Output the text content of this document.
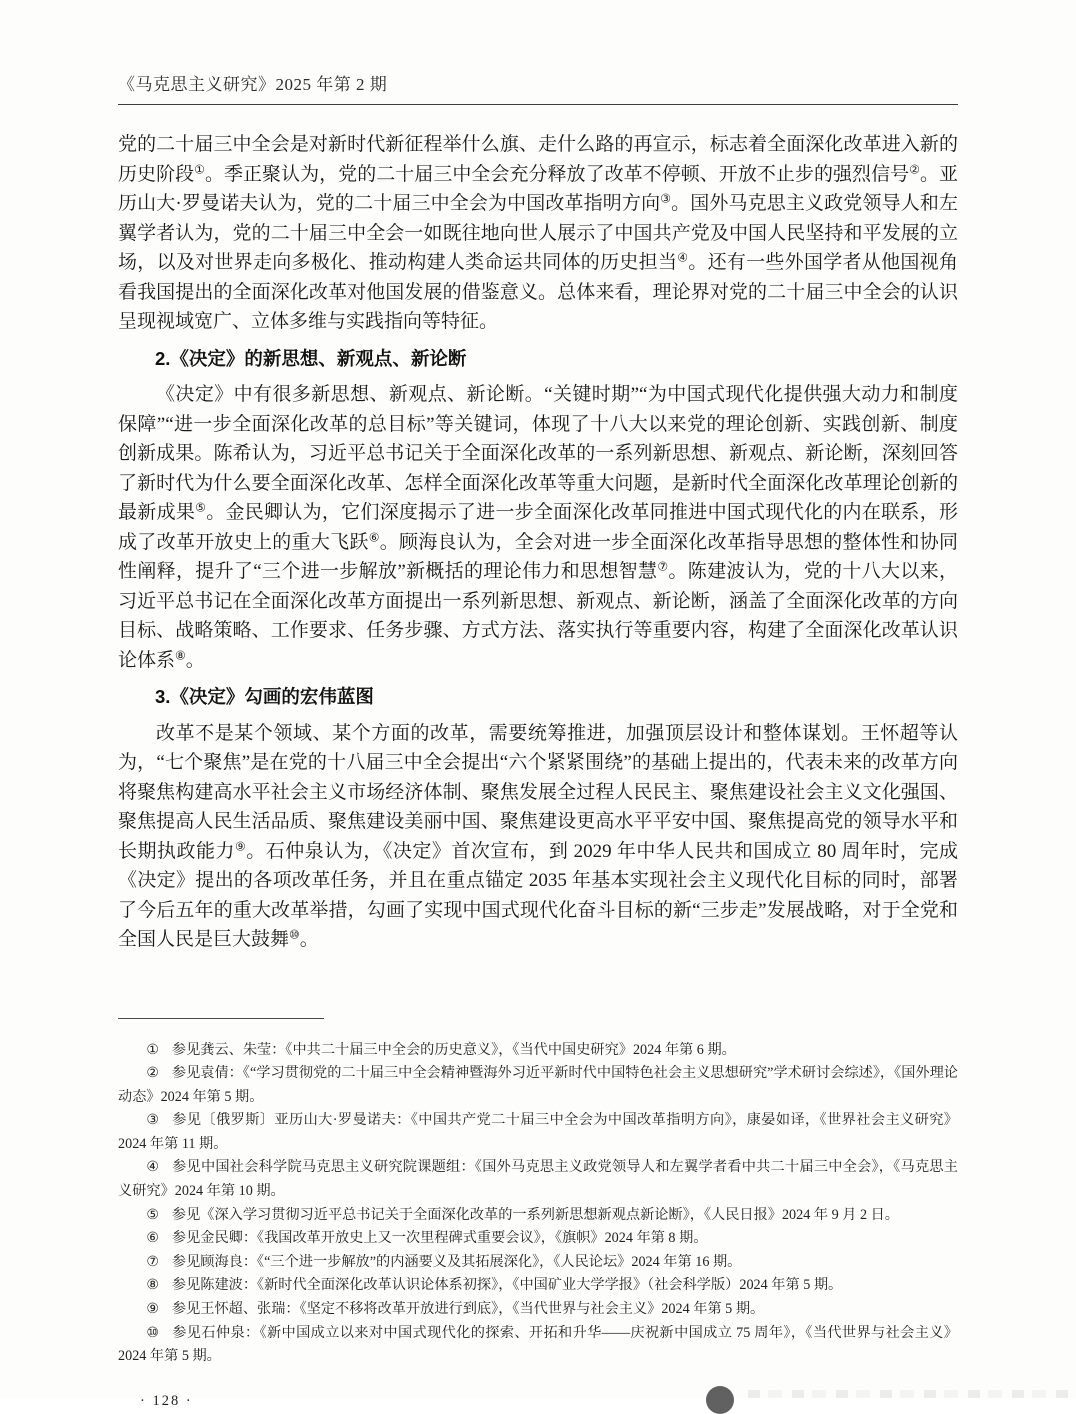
《马克思主义研究》2025 年第 2 期

党的二十届三中全会是对新时代新征程举什么旗、走什么路的再宣示，标志着全面深化改革进入新的历史阶段①。季正聚认为，党的二十届三中全会充分释放了改革不停顿、开放不止步的强烈信号②。亚历山大·罗曼诺夫认为，党的二十届三中全会为中国改革指明方向③。国外马克思主义政党领导人和左翼学者认为，党的二十届三中全会一如既往地向世人展示了中国共产党及中国人民坚持和平发展的立场，以及对世界走向多极化、推动构建人类命运共同体的历史担当④。还有一些外国学者从他国视角看我国提出的全面深化改革对他国发展的借鉴意义。总体来看，理论界对党的二十届三中全会的认识呈现视域宽广、立体多维与实践指向等特征。

2.《决定》的新思想、新观点、新论断

《决定》中有很多新思想、新观点、新论断。“关键时期”“为中国式现代化提供强大动力和制度保障”“进一步全面深化改革的总目标”等关键词，体现了十八大以来党的理论创新、实践创新、制度创新成果。陈希认为，习近平总书记关于全面深化改革的一系列新思想、新观点、新论断，深刻回答了新时代为什么要全面深化改革、怎样全面深化改革等重大问题，是新时代全面深化改革理论创新的最新成果⑤。金民卿认为，它们深度揭示了进一步全面深化改革同推进中国式现代化的内在联系，形成了改革开放史上的重大飞跃⑥。顾海良认为，全会对进一步全面深化改革指导思想的整体性和协同性阐释，提升了“三个进一步解放”新概括的理论伟力和思想智慧⑦。陈建波认为，党的十八大以来，习近平总书记在全面深化改革方面提出一系列新思想、新观点、新论断，涵盖了全面深化改革的方向目标、战略策略、工作要求、任务步骤、方式方法、落实执行等重要内容，构建了全面深化改革认识论体系⑧。

3.《决定》勾画的宏伟蓝图

改革不是某个领域、某个方面的改革，需要统筹推进，加强顶层设计和整体谋划。王怀超等认为，“七个聚焦”是在党的十八届三中全会提出“六个紧紧围绕”的基础上提出的，代表未来的改革方向将聚焦构建高水平社会主义市场经济体制、聚焦发展全过程人民民主、聚焦建设社会主义文化强国、聚焦提高人民生活品质、聚焦建设美丽中国、聚焦建设更高水平平安中国、聚焦提高党的领导水平和长期执政能力⑨。石仲泉认为，《决定》首次宣布，到 2029 年中华人民共和国成立 80 周年时，完成《决定》提出的各项改革任务，并且在重点锚定 2035 年基本实现社会主义现代化目标的同时，部署了今后五年的重大改革举措，勾画了实现中国式现代化奋斗目标的新“三步走”发展战略，对于全党和全国人民是巨大鼓舞⑩。

① 参见龚云、朱莹：《中共二十届三中全会的历史意义》，《当代中国史研究》2024 年第 6 期。

② 参见袁倩：《“学习贯彻党的二十届三中全会精神暨海外习近平新时代中国特色社会主义思想研究”学术研讨会综述》，《国外理论动态》2024 年第 5 期。

③ 参见〔俄罗斯〕亚历山大·罗曼诺夫：《中国共产党二十届三中全会为中国改革指明方向》，康晏如译，《世界社会主义研究》2024 年第 11 期。

④ 参见中国社会科学院马克思主义研究院课题组：《国外马克思主义政党领导人和左翼学者看中共二十届三中全会》，《马克思主义研究》2024 年第 10 期。

⑤ 参见《深入学习贯彻习近平总书记关于全面深化改革的一系列新思想新观点新论断》，《人民日报》2024 年 9 月 2 日。

⑥ 参见金民卿：《我国改革开放史上又一次里程碑式重要会议》，《旗帜》2024 年第 8 期。

⑦ 参见顾海良：《“三个进一步解放”的内涵要义及其拓展深化》，《人民论坛》2024 年第 16 期。

⑧ 参见陈建波：《新时代全面深化改革认识论体系初探》，《中国矿业大学学报》（社会科学版）2024 年第 5 期。

⑨ 参见王怀超、张瑞：《坚定不移将改革开放进行到底》，《当代世界与社会主义》2024 年第 5 期。

⑩ 参见石仲泉：《新中国成立以来对中国式现代化的探索、开拓和升华——庆祝新中国成立 75 周年》，《当代世界与社会主义》2024 年第 5 期。

· 128 ·
